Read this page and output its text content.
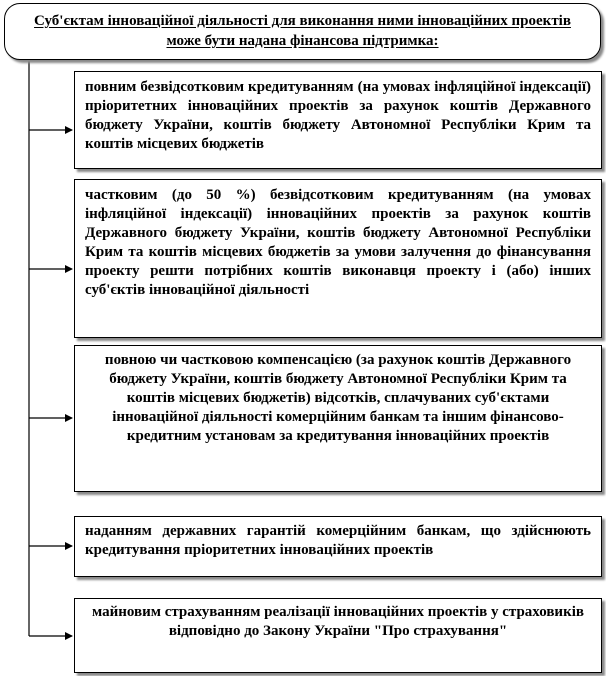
Суб'єктам інноваційної діяльності для виконання ними інноваційних проектів може бути надана фінансова підтримка:
повним безвідсотковим кредитуванням (на умовах інфляційної індексації) пріоритетних інноваційних проектів за рахунок коштів Державного бюджету України, коштів бюджету Автономної Республіки Крим та коштів місцевих бюджетів
частковим (до 50 %) безвідсотковим кредитуванням (на умовах інфляційної індексації) інноваційних проектів за рахунок коштів Державного бюджету України, коштів бюджету Автономної Республіки Крим та коштів місцевих бюджетів за умови залучення до фінансування проекту решти потрібних коштів виконавця проекту і (або) інших суб'єктів інноваційної діяльності
повною чи частковою компенсацією (за рахунок коштів Державного бюджету України, коштів бюджету Автономної Республіки Крим та коштів місцевих бюджетів) відсотків, сплачуваних суб'єктами інноваційної діяльності комерційним банкам та іншим фінансово-кредитним установам за кредитування інноваційних проектів
наданням державних гарантій комерційним банкам, що здійснюють кредитування пріоритетних інноваційних проектів
майновим страхуванням реалізації інноваційних проектів у страховиків відповідно до Закону України "Про страхування"
